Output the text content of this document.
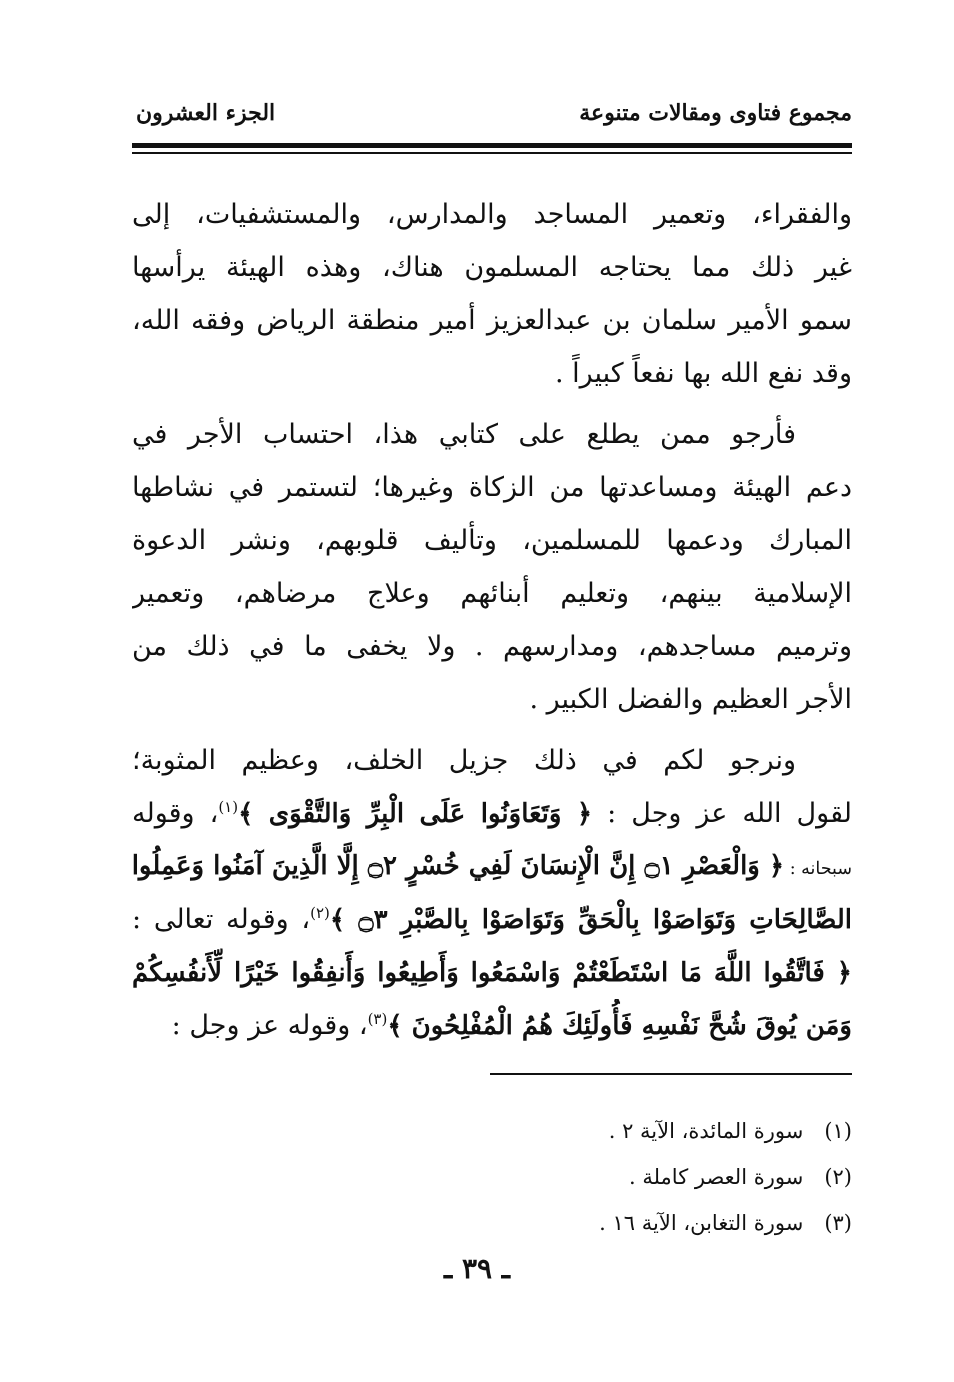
مجموع فتاوى ومقالات متنوعة
الجزء العشرون
والفقراء، وتعمير المساجد والمدارس، والمستشفيات، إلى
غير ذلك مما يحتاجه المسلمون هناك، وهذه الهيئة يرأسها
سمو الأمير سلمان بن عبدالعزيز أمير منطقة الرياض وفقه الله،
وقد نفع الله بها نفعاً كبيراً .
فأرجو ممن يطلع على كتابي هذا، احتساب الأجر في
دعم الهيئة ومساعدتها من الزكاة وغيرها؛ لتستمر في نشاطها
المبارك ودعمها للمسلمين، وتأليف قلوبهم، ونشر الدعوة
الإسلامية بينهم، وتعليم أبنائهم وعلاج مرضاهم، وتعمير
وترميم مساجدهم، ومدارسهم . ولا يخفى ما في ذلك من
الأجر العظيم والفضل الكبير .
ونرجو لكم في ذلك جزيل الخلف، وعظيم المثوبة؛
لقول الله عز وجل : ﴿ وَتَعَاوَنُوا عَلَى الْبِرِّ وَالتَّقْوَى ﴾$^{(١)}$، وقوله
سبحانه : ﴿ وَالْعَصْرِ ۝١ إِنَّ الْإِنسَانَ لَفِي خُسْرٍ ۝٢ إِلَّا الَّذِينَ آمَنُوا وَعَمِلُوا
الصَّالِحَاتِ وَتَوَاصَوْا بِالْحَقِّ وَتَوَاصَوْا بِالصَّبْرِ ۝٣ ﴾$^{(٢)}$، وقوله تعالى :
﴿ فَاتَّقُوا اللَّهَ مَا اسْتَطَعْتُمْ وَاسْمَعُوا وَأَطِيعُوا وَأَنفِقُوا خَيْرًا لِّأَنفُسِكُمْ
وَمَن يُوقَ شُحَّ نَفْسِهِ فَأُولَئِكَ هُمُ الْمُفْلِحُونَ ﴾$^{(٣)}$، وقوله عز وجل :
(١) سورة المائدة، الآية ٢ .
(٢) سورة العصر كاملة .
(٣) سورة التغابن، الآية ١٦ .
ـ ٣٩ ـ
